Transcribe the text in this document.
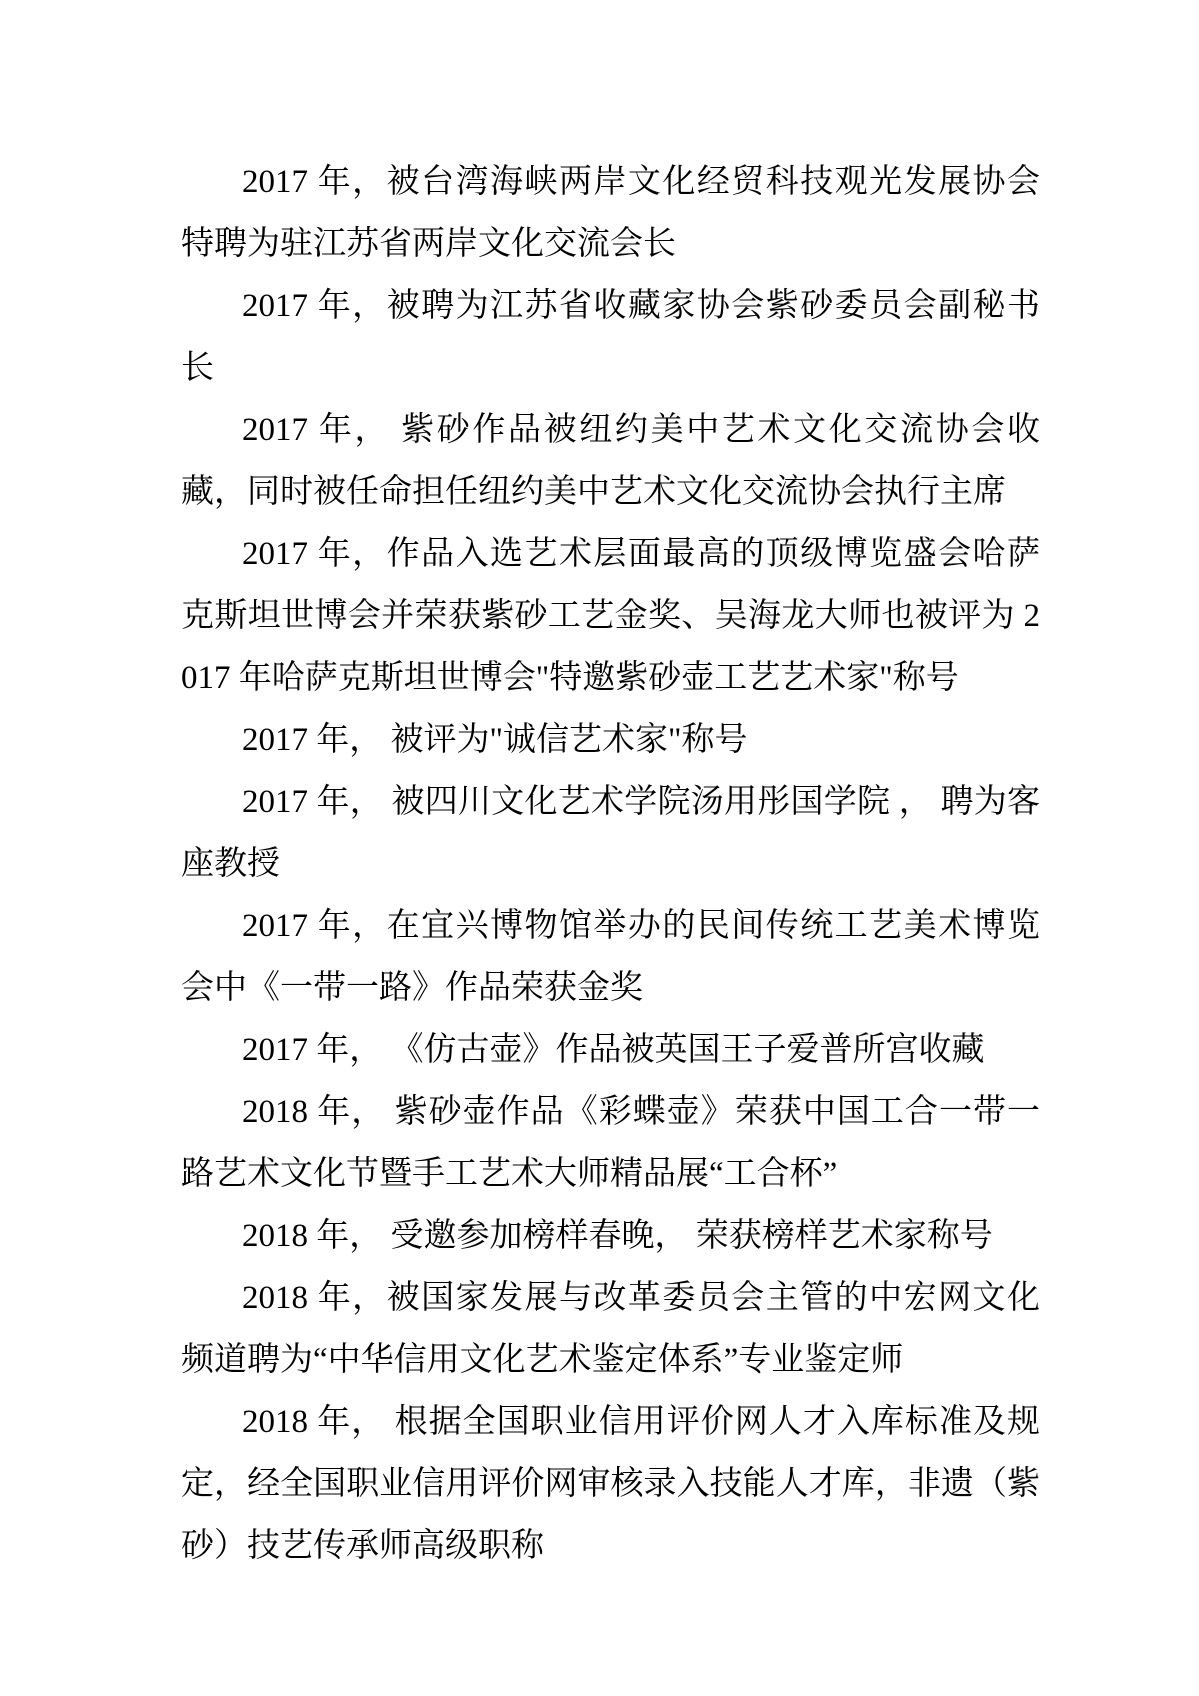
2017 年，被台湾海峡两岸文化经贸科技观光发展协会特聘为驻江苏省两岸文化交流会长

2017 年，被聘为江苏省收藏家协会紫砂委员会副秘书长

2017 年， 紫砂作品被纽约美中艺术文化交流协会收藏，同时被任命担任纽约美中艺术文化交流协会执行主席

2017 年，作品入选艺术层面最高的顶级博览盛会哈萨克斯坦世博会并荣获紫砂工艺金奖、吴海龙大师也被评为 2017 年哈萨克斯坦世博会"特邀紫砂壶工艺艺术家"称号

2017 年， 被评为"诚信艺术家"称号

2017 年， 被四川文化艺术学院汤用彤国学院 ， 聘为客座教授

2017 年，在宜兴博物馆举办的民间传统工艺美术博览会中《一带一路》作品荣获金奖

2017 年， 《仿古壶》作品被英国王子爱普所宫收藏

2018 年， 紫砂壶作品《彩蝶壶》荣获中国工合一带一路艺术文化节暨手工艺术大师精品展“工合杯”

2018 年， 受邀参加榜样春晚， 荣获榜样艺术家称号

2018 年，被国家发展与改革委员会主管的中宏网文化频道聘为“中华信用文化艺术鉴定体系”专业鉴定师

2018 年， 根据全国职业信用评价网人才入库标准及规定，经全国职业信用评价网审核录入技能人才库，非遗（紫砂）技艺传承师高级职称
